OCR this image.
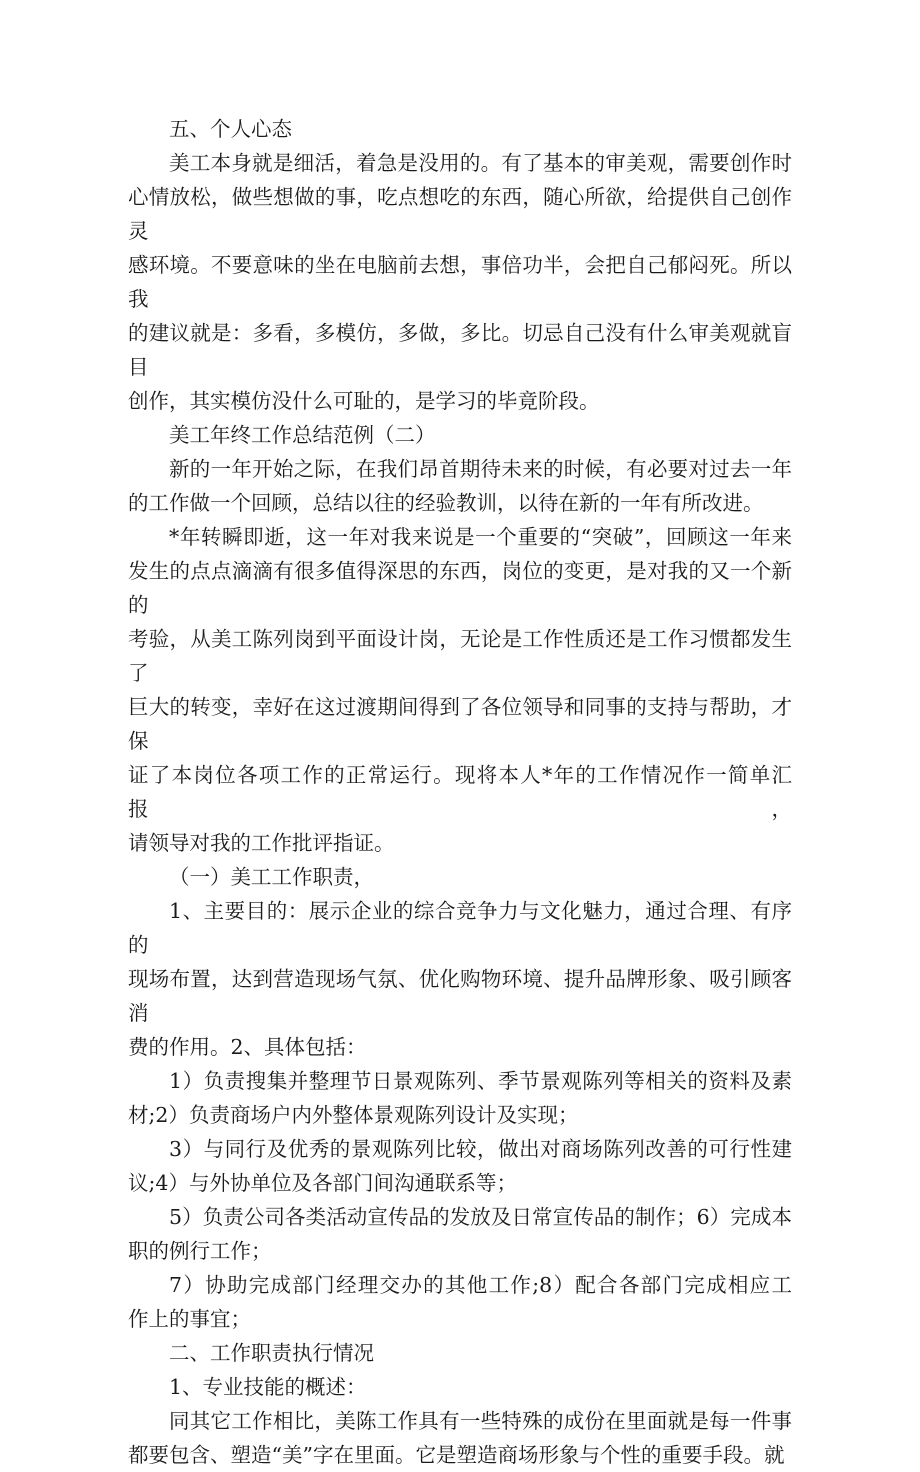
五、个人心态
美工本身就是细活，着急是没用的。有了基本的审美观，需要创作时
心情放松，做些想做的事，吃点想吃的东西，随心所欲，给提供自己创作灵
感环境。不要意味的坐在电脑前去想，事倍功半，会把自己郁闷死。所以我
的建议就是：多看，多模仿，多做，多比。切忌自己没有什么审美观就盲目
创作，其实模仿没什么可耻的，是学习的毕竟阶段。
美工年终工作总结范例（二）
新的一年开始之际，在我们昂首期待未来的时候，有必要对过去一年
的工作做一个回顾，总结以往的经验教训，以待在新的一年有所改进。
*年转瞬即逝，这一年对我来说是一个重要的“突破”，回顾这一年来
发生的点点滴滴有很多值得深思的东西，岗位的变更，是对我的又一个新的
考验，从美工陈列岗到平面设计岗，无论是工作性质还是工作习惯都发生了
巨大的转变，幸好在这过渡期间得到了各位领导和同事的支持与帮助，才保
证了本岗位各项工作的正常运行。现将本人*年的工作情况作一简单汇报，
请领导对我的工作批评指证。
（一）美工工作职责，
1、主要目的：展示企业的综合竞争力与文化魅力，通过合理、有序的
现场布置，达到营造现场气氛、优化购物环境、提升品牌形象、吸引顾客消
费的作用。2、具体包括：
1）负责搜集并整理节日景观陈列、季节景观陈列等相关的资料及素
材;2）负责商场户内外整体景观陈列设计及实现；
3）与同行及优秀的景观陈列比较，做出对商场陈列改善的可行性建
议;4）与外协单位及各部门间沟通联系等；
5）负责公司各类活动宣传品的发放及日常宣传品的制作；6）完成本
职的例行工作；
7）协助完成部门经理交办的其他工作;8）配合各部门完成相应工
作上的事宜；
二、工作职责执行情况
1、专业技能的概述：
同其它工作相比，美陈工作具有一些特殊的成份在里面就是每一件事
都要包含、塑造“美”字在里面。它是塑造商场形象与个性的重要手段。就
